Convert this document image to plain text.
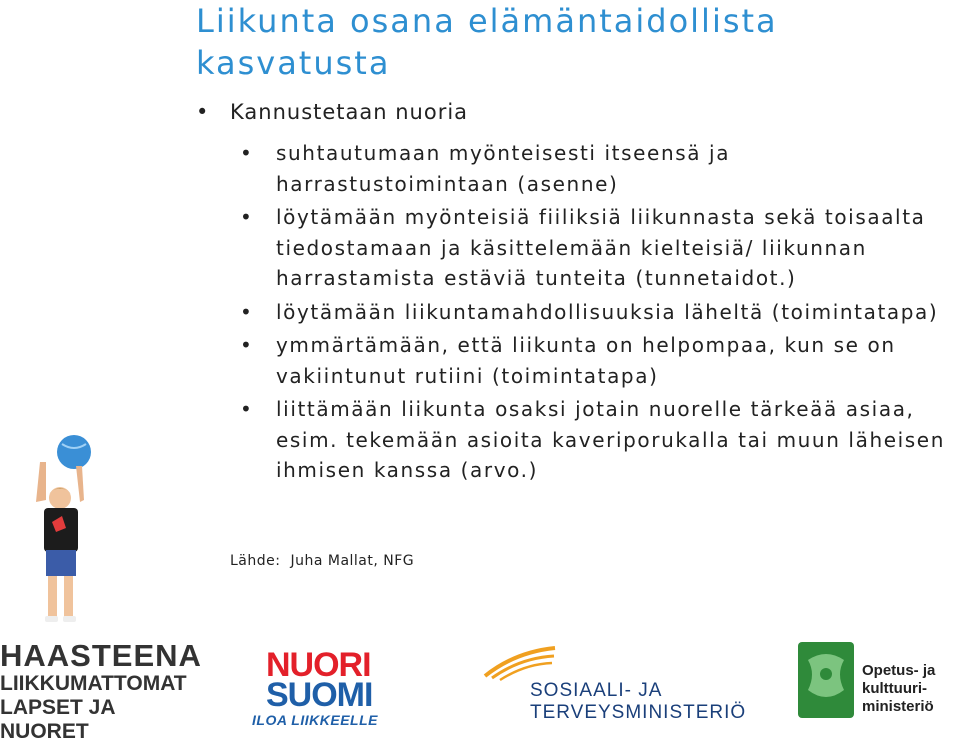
Liikunta osana elämäntaidollista kasvatusta
• Kannustetaan nuoria
• suhtautumaan myönteisesti itseensä ja harrastustoimintaan (asenne)
• löytämään myönteisiä fiiliksiä liikunnasta sekä toisaalta tiedostamaan ja käsittelemään kielteisiä/ liikunnan harrastamista estäviä tunteita (tunnetaidot.)
• löytämään liikuntamahdollisuuksia läheltä (toimintatapa)
• ymmärtämään, että liikunta on helpompaa, kun se on vakiintunut rutiini (toimintatapa)
• liittämään liikunta osaksi jotain nuorelle tärkeää asiaa, esim. tekemään asioita kaveriporukalla tai muun läheisen ihmisen kanssa (arvo.)
Lähde: Juha Mallat, NFG
HAASTEENA
LIIKKUMATTOMAT
LAPSET JA NUORET
NUORI
SUOMI
ILOA LIIKKEELLE
SOSIAALI- JA
TERVEYSMINISTERIÖ
Opetus- ja
kulttuuri-
ministeriö
